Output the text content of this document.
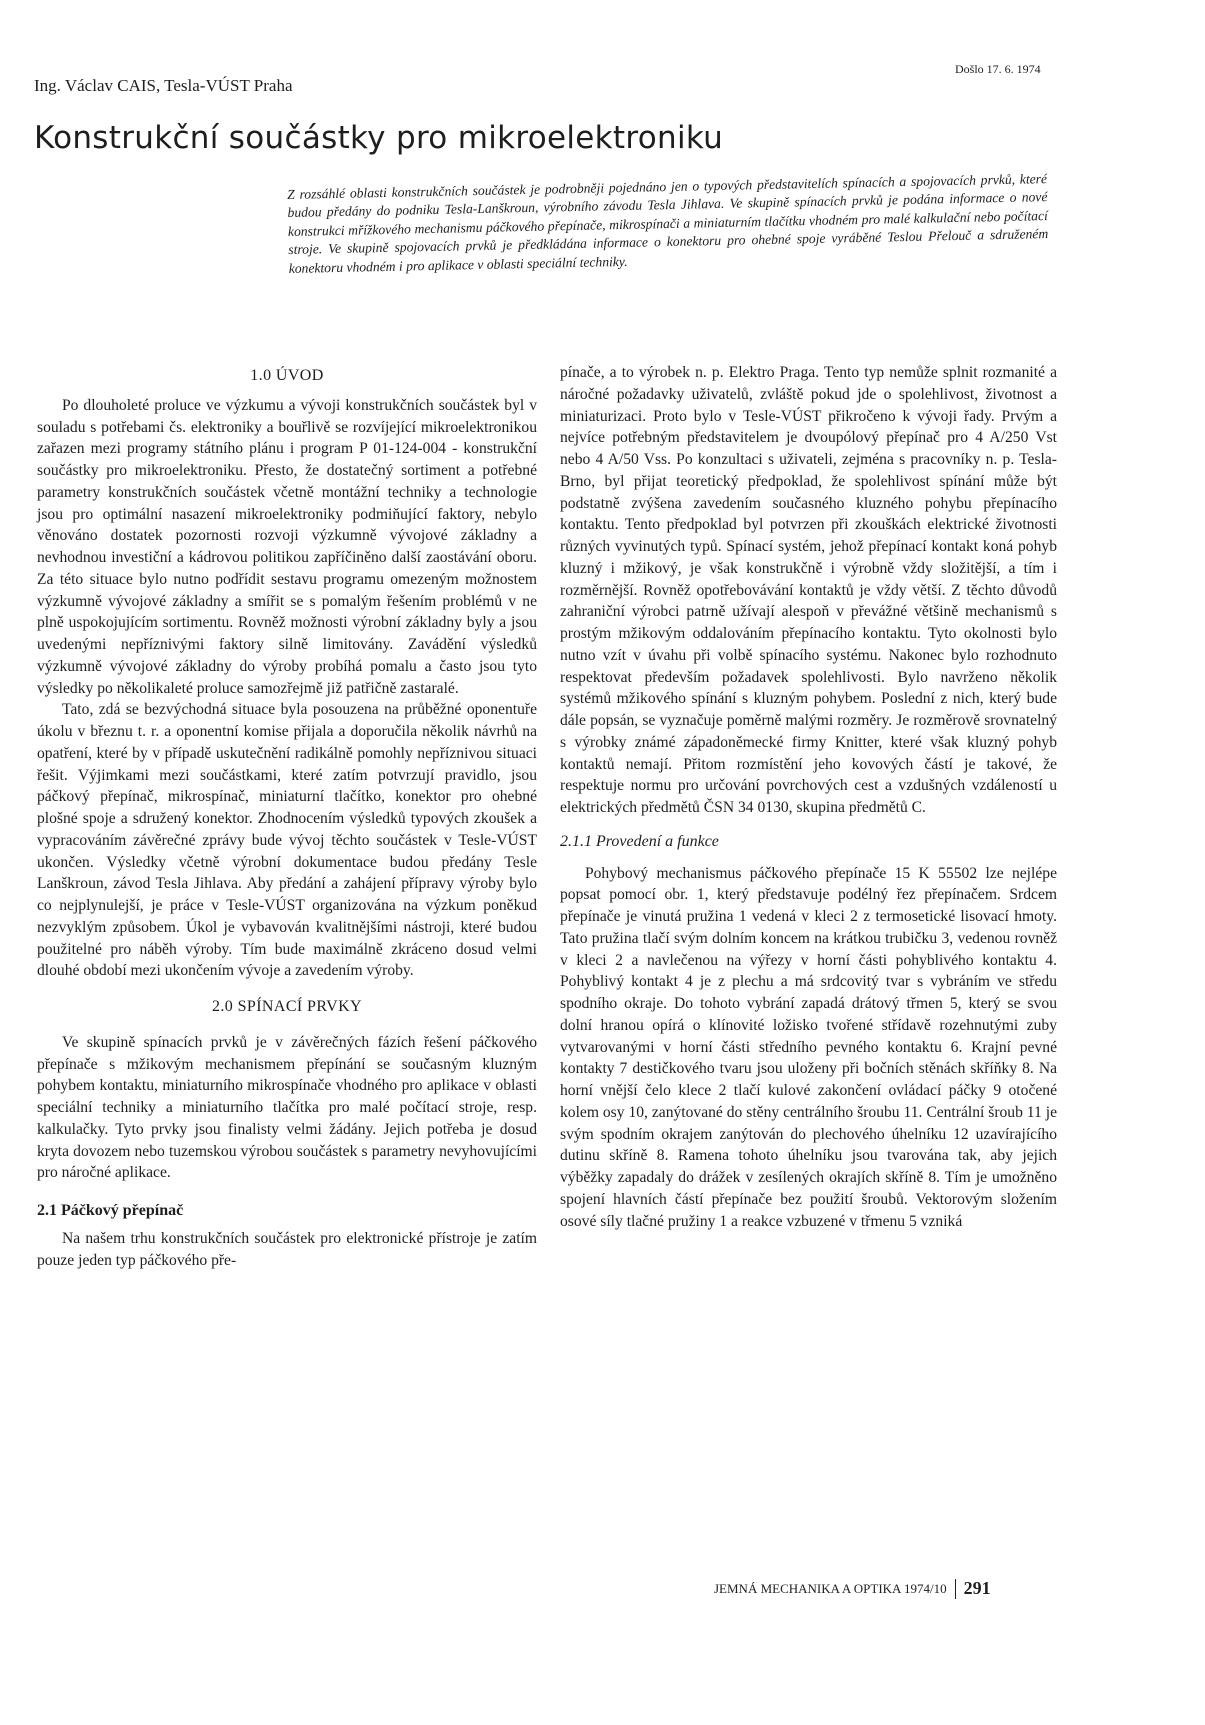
Ing. Václav CAIS, Tesla-VÚST Praha
Došlo 17. 6. 1974
Konstrukční součástky pro mikroelektroniku
Z rozsáhlé oblasti konstrukčních součástek je podrobněji pojednáno jen o typových představitelích spínacích a spojovacích prvků, které budou předány do podniku Tesla-Lanškroun, výrobního závodu Tesla Jihlava. Ve skupině spínacích prvků je podána informace o nové konstrukci mřížkového mechanismu páčkového přepínače, mikrospínači a miniaturním tlačítku vhodném pro malé kalkulační nebo počítací stroje. Ve skupině spojovacích prvků je předkládána informace o konektoru pro ohebné spoje vyráběné Teslou Přelouč a sdruženém konektoru vhodném i pro aplikace v oblasti speciální techniky.
1.0 ÚVOD

Po dlouholeté proluce ve výzkumu a vývoji konstrukčních součástek byl v souladu s potřebami čs. elektroniky a bouřlivě se rozvíjející mikroelektronikou zařazen mezi programy státního plánu i program P 01-124-004 - konstrukční součástky pro mikroelektroniku. Přesto, že dostatečný sortiment a potřebné parametry konstrukčních součástek včetně montážní techniky a technologie jsou pro optimální nasazení mikroelektroniky podmiňující faktory, nebylo věnováno dostatek pozornosti rozvoji výzkumně vývojové základny a nevhodnou investiční a kádrovou politikou zapříčiněno další zaostávání oboru. Za této situace bylo nutno podřídit sestavu programu omezeným možnostem výzkumně vývojové základny a smířit se s pomalým řešením problémů v ne plně uspokojujícím sortimentu. Rovněž možnosti výrobní základny byly a jsou uvedenými nepříznivými faktory silně limitovány. Zavádění výsledků výzkumně vývojové základny do výroby probíhá pomalu a často jsou tyto výsledky po několikaleté proluce samozřejmě již patřičně zastaralé.

Tato, zdá se bezvýchodná situace byla posouzena na průběžné oponentuře úkolu v březnu t. r. a oponentní komise přijala a doporučila několik návrhů na opatření, které by v případě uskutečnění radikálně pomohly nepříznivou situaci řešit. Výjimkami mezi součástkami, které zatím potvrzují pravidlo, jsou páčkový přepínač, mikrospínač, miniaturní tlačítko, konektor pro ohebné plošné spoje a sdružený konektor. Zhodnocením výsledků typových zkoušek a vypracováním závěrečné zprávy bude vývoj těchto součástek v Tesle-VÚST ukončen. Výsledky včetně výrobní dokumentace budou předány Tesle Lanškroun, závod Tesla Jihlava. Aby předání a zahájení přípravy výroby bylo co nejplynulejší, je práce v Tesle-VÚST organizována na výzkum poněkud nezvyklým způsobem. Úkol je vybavován kvalitnějšími nástroji, které budou použitelné pro náběh výroby. Tím bude maximálně zkráceno dosud velmi dlouhé období mezi ukončením vývoje a zavedením výroby.

2.0 SPÍNACÍ PRVKY

Ve skupině spínacích prvků je v závěrečných fázích řešení páčkového přepínače s mžikovým mechanismem přepínání se současným kluzným pohybem kontaktu, miniaturního mikrospínače vhodného pro aplikace v oblasti speciální techniky a miniaturního tlačítka pro malé počítací stroje, resp. kalkulačky. Tyto prvky jsou finalisty velmi žádány. Jejich potřeba je dosud kryta dovozem nebo tuzemskou výrobou součástek s parametry nevyhovujícími pro náročné aplikace.

2.1 Páčkový přepínač

Na našem trhu konstrukčních součástek pro elektronické přístroje je zatím pouze jeden typ páčkového pře-

pínače, a to výrobek n. p. Elektro Praga. Tento typ nemůže splnit rozmanité a náročné požadavky uživatelů, zvláště pokud jde o spolehlivost, životnost a miniaturizaci. Proto bylo v Tesle-VÚST přikročeno k vývoji řady. Prvým a nejvíce potřebným představitelem je dvoupólový přepínač pro 4 A/250 Vst nebo 4 A/50 Vss. Po konzultaci s uživateli, zejména s pracovníky n. p. Tesla-Brno, byl přijat teoretický předpoklad, že spolehlivost spínání může být podstatně zvýšena zavedením současného kluzného pohybu přepínacího kontaktu. Tento předpoklad byl potvrzen při zkouškách elektrické životnosti různých vyvinutých typů. Spínací systém, jehož přepínací kontakt koná pohyb kluzný i mžikový, je však konstrukčně i výrobně vždy složitější, a tím i rozměrnější. Rovněž opotřebovávání kontaktů je vždy větší. Z těchto důvodů zahraniční výrobci patrně užívají alespoň v převážné většině mechanismů s prostým mžikovým oddalováním přepínacího kontaktu. Tyto okolnosti bylo nutno vzít v úvahu při volbě spínacího systému. Nakonec bylo rozhodnuto respektovat především požadavek spolehlivosti. Bylo navrženo několik systémů mžikového spínání s kluzným pohybem. Poslední z nich, který bude dále popsán, se vyznačuje poměrně malými rozměry. Je rozměrově srovnatelný s výrobky známé západoněmecké firmy Knitter, které však kluzný pohyb kontaktů nemají. Přitom rozmístění jeho kovových částí je takové, že respektuje normu pro určování povrchových cest a vzdušných vzdáleností u elektrických předmětů ČSN 34 0130, skupina předmětů C.

2.1.1 Provedení a funkce

Pohybový mechanismus páčkového přepínače 15 K 55502 lze nejlépe popsat pomocí obr. 1, který představuje podélný řez přepínačem. Srdcem přepínače je vinutá pružina 1 vedená v kleci 2 z termosetické lisovací hmoty. Tato pružina tlačí svým dolním koncem na krátkou trubičku 3, vedenou rovněž v kleci 2 a navlečenou na výřezy v horní části pohyblivého kontaktu 4. Pohyblivý kontakt 4 je z plechu a má srdcovitý tvar s vybráním ve středu spodního okraje. Do tohoto vybrání zapadá drátový třmen 5, který se svou dolní hranou opírá o klínovité ložisko tvořené střídavě rozehnutými zuby vytvarovanými v horní části středního pevného kontaktu 6. Krajní pevné kontakty 7 destičkového tvaru jsou uloženy při bočních stěnách skříňky 8. Na horní vnější čelo klece 2 tlačí kulové zakončení ovládací páčky 9 otočené kolem osy 10, zanýtované do stěny centrálního šroubu 11. Centrální šroub 11 je svým spodním okrajem zanýtován do plechového úhelníku 12 uzavírajícího dutinu skříně 8. Ramena tohoto úhelníku jsou tvarována tak, aby jejich výběžky zapadaly do drážek v zesílených okrajích skříně 8. Tím je umožněno spojení hlavních částí přepínače bez použití šroubů. Vektorovým složením osové síly tlačné pružiny 1 a reakce vzbuzené v třmenu 5 vzniká

JEMNÁ MECHANIKA A OPTIKA 1974/10 291
